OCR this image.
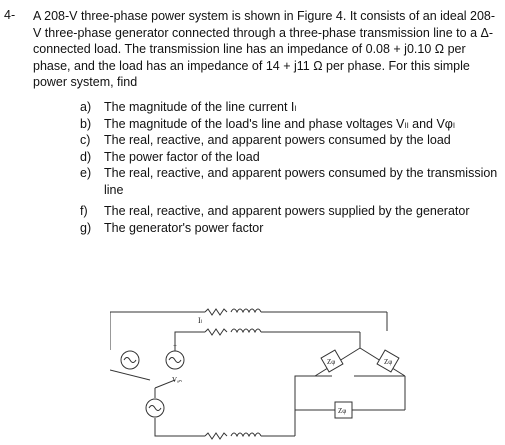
4- A 208-V three-phase power system is shown in Figure 4. It consists of an ideal 208-V three-phase generator connected through a three-phase transmission line to a Δ-connected load. The transmission line has an impedance of 0.08 + j0.10 Ω per phase, and the load has an impedance of 14 + j11 Ω per phase. For this simple power system, find

a) The magnitude of the line current Iₗ
b) The magnitude of the load's line and phase voltages Vₗₗ and Vφₗ
c) The real, reactive, and apparent powers consumed by the load
d) The power factor of the load
e) The real, reactive, and apparent powers consumed by the transmission line
f) The real, reactive, and apparent powers supplied by the generator
g) The generator's power factor
Iₗ
+
Vₐₙ
Zφ	Zφ
Zφ
